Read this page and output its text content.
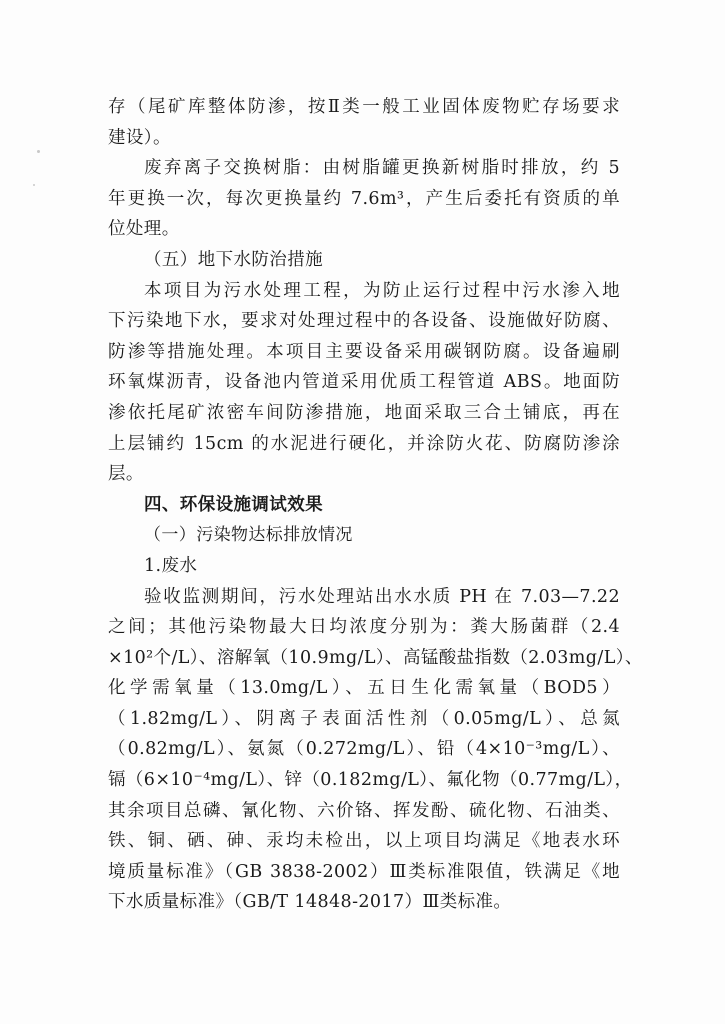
存（尾矿库整体防渗，按Ⅱ类一般工业固体废物贮存场要求
建设）。
废弃离子交换树脂：由树脂罐更换新树脂时排放，约 5
年更换一次，每次更换量约 7.6m³，产生后委托有资质的单
位处理。
（五）地下水防治措施
本项目为污水处理工程，为防止运行过程中污水渗入地
下污染地下水，要求对处理过程中的各设备、设施做好防腐、
防渗等措施处理。本项目主要设备采用碳钢防腐。设备遍刷
环氧煤沥青，设备池内管道采用优质工程管道 ABS。地面防
渗依托尾矿浓密车间防渗措施，地面采取三合土铺底，再在
上层铺约 15cm 的水泥进行硬化，并涂防火花、防腐防渗涂
层。
四、环保设施调试效果
（一）污染物达标排放情况
1.废水
验收监测期间，污水处理站出水水质 PH 在 7.03—7.22
之间；其他污染物最大日均浓度分别为：粪大肠菌群（2.4
×10²个/L）、溶解氧（10.9mg/L）、高锰酸盐指数（2.03mg/L）、
化学需氧量（13.0mg/L）、五日生化需氧量（BOD5）
（1.82mg/L）、阴离子表面活性剂（0.05mg/L）、总氮
（0.82mg/L）、氨氮（0.272mg/L）、铅（4×10⁻³mg/L）、
镉（6×10⁻⁴mg/L）、锌（0.182mg/L）、氟化物（0.77mg/L），
其余项目总磷、氰化物、六价铬、挥发酚、硫化物、石油类、
铁、铜、硒、砷、汞均未检出，以上项目均满足《地表水环
境质量标准》（GB 3838-2002）Ⅲ类标准限值，铁满足《地
下水质量标准》（GB/T 14848-2017）Ⅲ类标准。
